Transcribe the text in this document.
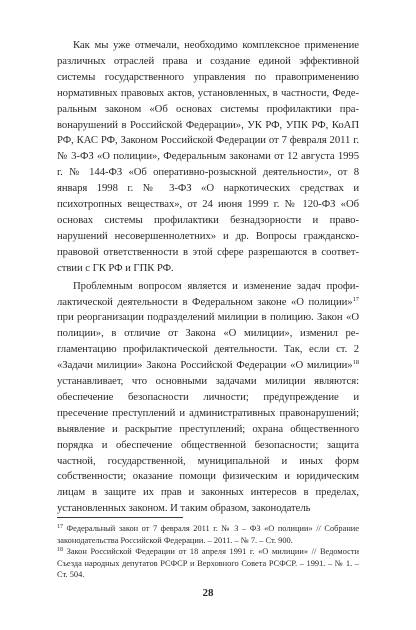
Как мы уже отмечали, необходимо комплексное применение различных отраслей права и создание единой эффективной системы государственного управления по правоприменению нормативных правовых актов, установленных, в частности, Федеральным законом «Об основах системы профилактики правонарушений в Российской Федерации», УК РФ, УПК РФ, КоАП РФ, КАС РФ, Законом Российской Федерации от 7 февраля 2011 г. № 3-ФЗ «О полиции», Федеральным законами от 12 августа 1995 г. № 144-ФЗ «Об оперативно-розыскной деятельности», от 8 января 1998 г. № 3-ФЗ «О наркотических средствах и психотропных веществах», от 24 июня 1999 г. № 120-ФЗ «Об основах системы профилактики безнадзорности и правонарушений несовершеннолетних» и др. Вопросы гражданско-правовой ответственности в этой сфере разрешаются в соответствии с ГК РФ и ГПК РФ.

Проблемным вопросом является и изменение задач профилактической деятельности в Федеральном законе «О полиции»$^{17}$ при реорганизации подразделений милиции в полицию. Закон «О полиции», в отличие от Закона «О милиции», изменил регламентацию профилактической деятельности. Так, если ст. 2 «Задачи милиции» Закона Российской Федерации «О милиции»$^{18}$ устанавливает, что основными задачами милиции являются: обеспечение безопасности личности; предупреждение и пресечение преступлений и административных правонарушений; выявление и раскрытие преступлений; охрана общественного порядка и обеспечение общественной безопасности; защита частной, государственной, муниципальной и иных форм собственности; оказание помощи физическим и юридическим лицам в защите их прав и законных интересов в пределах, установленных законом. И таким образом, законодатель

$^{17}$ Федеральный закон от 7 февраля 2011 г. № 3 – ФЗ «О полиции» // Собрание законодательства Российской Федерации. – 2011. – № 7. – Ст. 900.

$^{18}$ Закон Российской Федерации от 18 апреля 1991 г. «О милиции» // Ведомости Съезда народных депутатов РСФСР и Верховного Совета РСФСР. – 1991. – № 1. – Ст. 504.

28
